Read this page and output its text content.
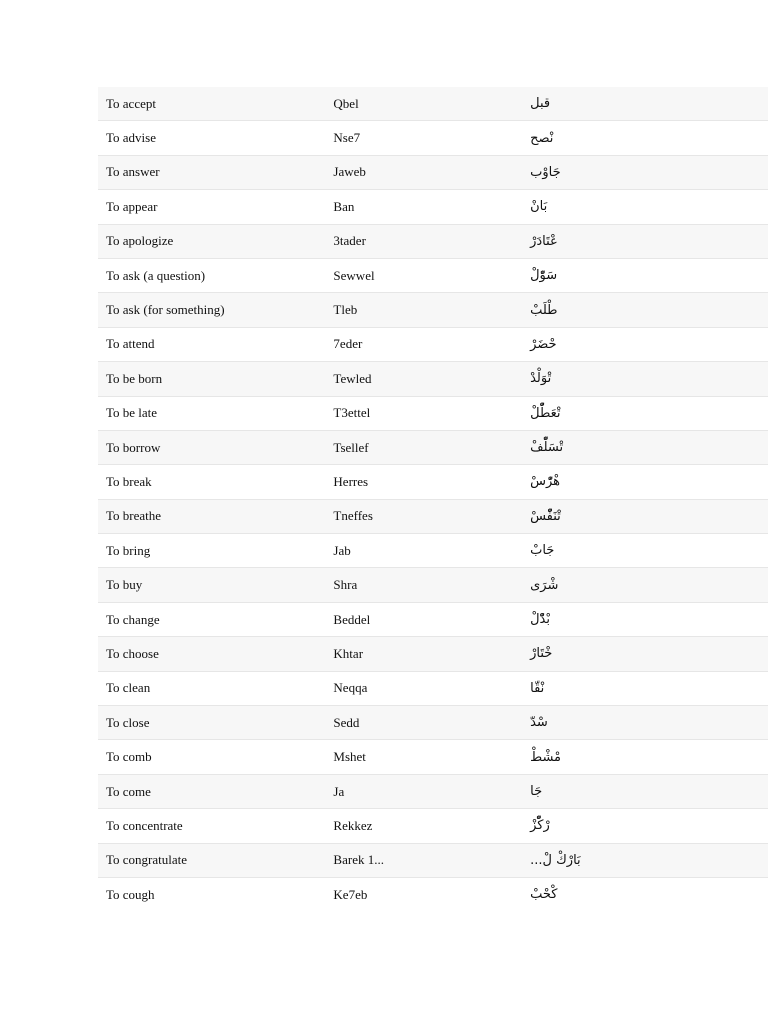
To accept	Qbel	قبل
To advise	Nse7	نْصح
To answer	Jaweb	جَاوْب
To appear	Ban	بَانْ
To apologize	3tader	عْتَادَرْ
To ask (a question)	Sewwel	سَوّْلْ
To ask (for something)	Tleb	طْلَبْ
To attend	7eder	حْضَرْ
To be born	Tewled	تْوَلْدْ
To be late	T3ettel	تْعَطّْلْ
To borrow	Tsellef	تْسَلّْفْ
To break	Herres	هْرّْسْ
To breathe	Tneffes	تْنَفّْسْ
To bring	Jab	جَابْ
To buy	Shra	شْرَى
To change	Beddel	بْدّْلْ
To choose	Khtar	خْتَارْ
To clean	Neqqa	نْقّا
To close	Sedd	سْدّ
To comb	Mshet	مْشْطْ
To come	Ja	جَا
To concentrate	Rekkez	رْكّْزْ
To congratulate	Barek 1...	بَارْكْ لْ...
To cough	Ke7eb	كْحْبْ
